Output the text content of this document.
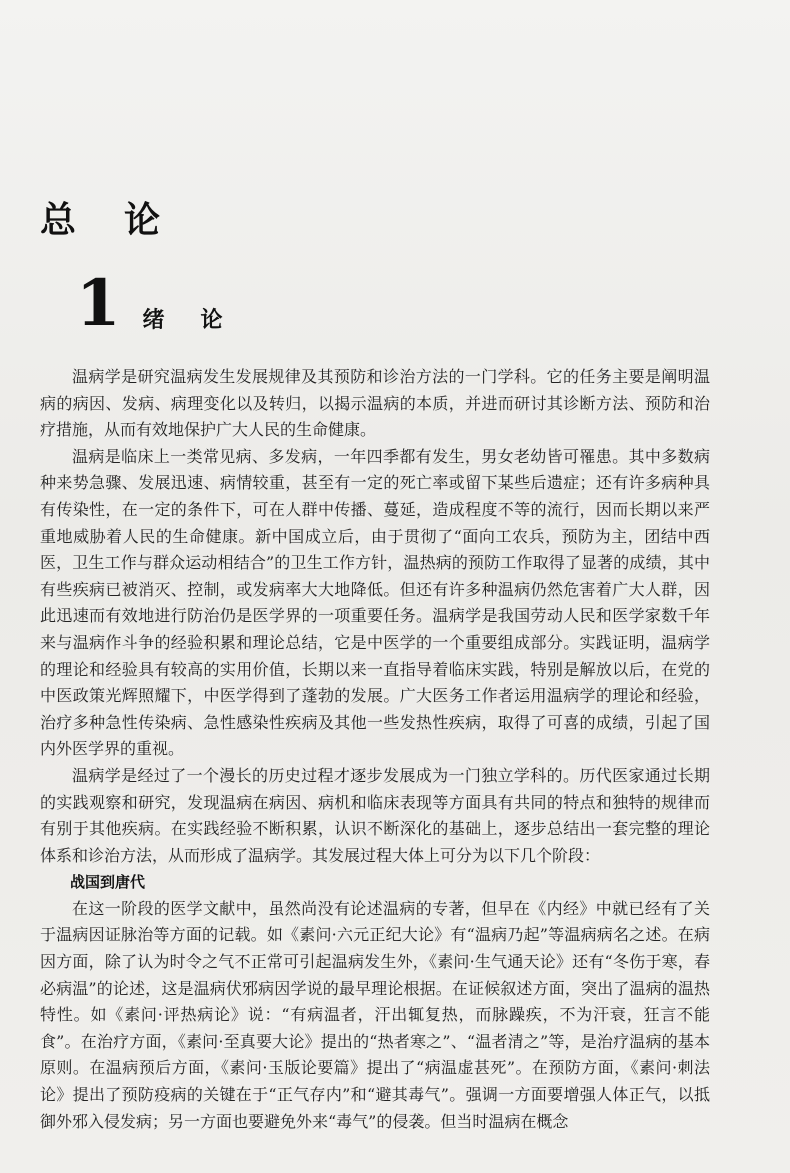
总论
1 绪论

温病学是研究温病发生发展规律及其预防和诊治方法的一门学科。它的任务主要是阐明温病的病因、发病、病理变化以及转归，以揭示温病的本质，并进而研讨其诊断方法、预防和治疗措施，从而有效地保护广大人民的生命健康。

温病是临床上一类常见病、多发病，一年四季都有发生，男女老幼皆可罹患。其中多数病种来势急骤、发展迅速、病情较重，甚至有一定的死亡率或留下某些后遗症；还有许多病种具有传染性，在一定的条件下，可在人群中传播、蔓延，造成程度不等的流行，因而长期以来严重地威胁着人民的生命健康。新中国成立后，由于贯彻了“面向工农兵，预防为主，团结中西医，卫生工作与群众运动相结合”的卫生工作方针，温热病的预防工作取得了显著的成绩，其中有些疾病已被消灭、控制，或发病率大大地降低。但还有许多种温病仍然危害着广大人群，因此迅速而有效地进行防治仍是医学界的一项重要任务。温病学是我国劳动人民和医学家数千年来与温病作斗争的经验积累和理论总结，它是中医学的一个重要组成部分。实践证明，温病学的理论和经验具有较高的实用价值，长期以来一直指导着临床实践，特别是解放以后，在党的中医政策光辉照耀下，中医学得到了蓬勃的发展。广大医务工作者运用温病学的理论和经验，治疗多种急性传染病、急性感染性疾病及其他一些发热性疾病，取得了可喜的成绩，引起了国内外医学界的重视。

温病学是经过了一个漫长的历史过程才逐步发展成为一门独立学科的。历代医家通过长期的实践观察和研究，发现温病在病因、病机和临床表现等方面具有共同的特点和独特的规律而有别于其他疾病。在实践经验不断积累，认识不断深化的基础上，逐步总结出一套完整的理论体系和诊治方法，从而形成了温病学。其发展过程大体上可分为以下几个阶段：

战国到唐代

在这一阶段的医学文献中，虽然尚没有论述温病的专著，但早在《内经》中就已经有了关于温病因证脉治等方面的记载。如《素问·六元正纪大论》有“温病乃起”等温病病名之述。在病因方面，除了认为时令之气不正常可引起温病发生外，《素问·生气通天论》还有“冬伤于寒，春必病温”的论述，这是温病伏邪病因学说的最早理论根据。在证候叙述方面，突出了温病的温热特性。如《素问·评热病论》说：“有病温者，汗出辄复热，而脉躁疾，不为汗衰，狂言不能食”。在治疗方面，《素问·至真要大论》提出的“热者寒之”、“温者清之”等，是治疗温病的基本原则。在温病预后方面，《素问·玉版论要篇》提出了“病温虚甚死”。在预防方面，《素问·刺法论》提出了预防疫病的关键在于“正气存内”和“避其毒气”。强调一方面要增强人体正气，以抵御外邪入侵发病；另一方面也要避免外来“毒气”的侵袭。但当时温病在概念
